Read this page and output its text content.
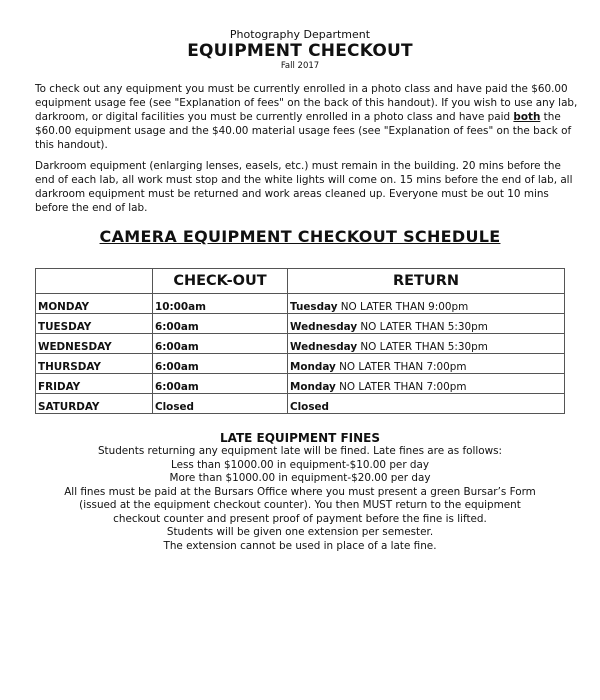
Photography Department
EQUIPMENT CHECKOUT
Fall 2017
To check out any equipment you must be currently enrolled in a photo class and have paid the $60.00 equipment usage fee (see "Explanation of fees" on the back of this handout). If you wish to use any lab, darkroom, or digital facilities you must be currently enrolled in a photo class and have paid both the $60.00 equipment usage and the $40.00 material usage fees (see "Explanation of fees" on the back of this handout).
Darkroom equipment (enlarging lenses, easels, etc.) must remain in the building. 20 mins before the end of each lab, all work must stop and the white lights will come on. 15 mins before the end of lab, all darkroom equipment must be returned and work areas cleaned up. Everyone must be out 10 mins before the end of lab.
CAMERA EQUIPMENT CHECKOUT SCHEDULE
	CHECK-OUT	RETURN
MONDAY	10:00am	Tuesday NO LATER THAN 9:00pm
TUESDAY	6:00am	Wednesday NO LATER THAN 5:30pm
WEDNESDAY	6:00am	Wednesday NO LATER THAN 5:30pm
THURSDAY	6:00am	Monday NO LATER THAN 7:00pm
FRIDAY	6:00am	Monday NO LATER THAN 7:00pm
SATURDAY	Closed	Closed
LATE EQUIPMENT FINES
Students returning any equipment late will be fined. Late fines are as follows:
Less than $1000.00 in equipment-$10.00 per day
More than $1000.00 in equipment-$20.00 per day
All fines must be paid at the Bursars Office where you must present a green Bursar’s Form
(issued at the equipment checkout counter). You then MUST return to the equipment
checkout counter and present proof of payment before the fine is lifted.
Students will be given one extension per semester.
The extension cannot be used in place of a late fine.
